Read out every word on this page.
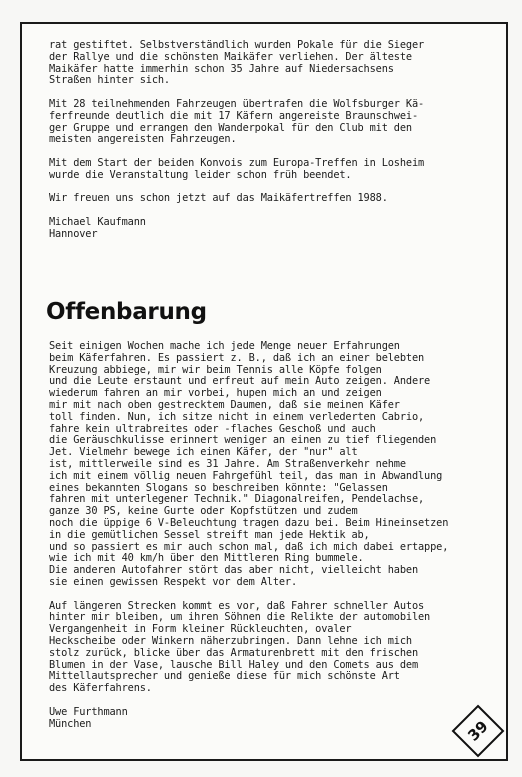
rat gestiftet. Selbstverständlich wurden Pokale für die Sieger
der Rallye und die schönsten Maikäfer verliehen. Der älteste
Maikäfer hatte immerhin schon 35 Jahre auf Niedersachsens
Straßen hinter sich.

Mit 28 teilnehmenden Fahrzeugen übertrafen die Wolfsburger Kä-
ferfreunde deutlich die mit 17 Käfern angereiste Braunschwei-
ger Gruppe und errangen den Wanderpokal für den Club mit den
meisten angereisten Fahrzeugen.

Mit dem Start der beiden Konvois zum Europa-Treffen in Losheim
wurde die Veranstaltung leider schon früh beendet.

Wir freuen uns schon jetzt auf das Maikäfertreffen 1988.

Michael Kaufmann
Hannover
Offenbarung

Seit einigen Wochen mache ich jede Menge neuer Erfahrungen
beim Käferfahren. Es passiert z. B., daß ich an einer belebten
Kreuzung abbiege, mir wir beim Tennis alle Köpfe folgen
und die Leute erstaunt und erfreut auf mein Auto zeigen. Andere
wiederum fahren an mir vorbei, hupen mich an und zeigen
mir mit nach oben gestrecktem Daumen, daß sie meinen Käfer
toll finden. Nun, ich sitze nicht in einem verlederten Cabrio,
fahre kein ultrabreites oder -flaches Geschoß und auch
die Geräuschkulisse erinnert weniger an einen zu tief fliegenden
Jet. Vielmehr bewege ich einen Käfer, der "nur" alt
ist, mittlerweile sind es 31 Jahre. Am Straßenverkehr nehme
ich mit einem völlig neuen Fahrgefühl teil, das man in Abwandlung
eines bekannten Slogans so beschreiben könnte: "Gelassen
fahren mit unterlegener Technik." Diagonalreifen, Pendelachse,
ganze 30 PS, keine Gurte oder Kopfstützen und zudem
noch die üppige 6 V-Beleuchtung tragen dazu bei. Beim Hineinsetzen
in die gemütlichen Sessel streift man jede Hektik ab,
und so passiert es mir auch schon mal, daß ich mich dabei ertappe,
wie ich mit 40 km/h über den Mittleren Ring bummele.
Die anderen Autofahrer stört das aber nicht, vielleicht haben
sie einen gewissen Respekt vor dem Alter.

Auf längeren Strecken kommt es vor, daß Fahrer schneller Autos
hinter mir bleiben, um ihren Söhnen die Relikte der automobilen
Vergangenheit in Form kleiner Rückleuchten, ovaler
Heckscheibe oder Winkern näherzubringen. Dann lehne ich mich
stolz zurück, blicke über das Armaturenbrett mit den frischen
Blumen in der Vase, lausche Bill Haley und den Comets aus dem
Mittellautsprecher und genieße diese für mich schönste Art
des Käferfahrens.

Uwe Furthmann
München	39
